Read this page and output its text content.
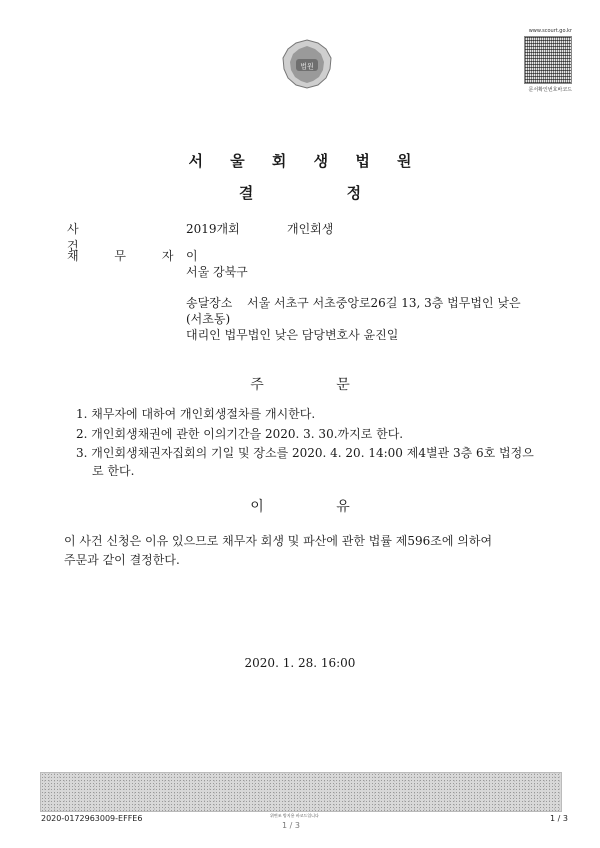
법원
www.scourt.go.kr
문서확인번호바코드
서 울 회 생 법 원
결 정
사 건
2019개회	개인회생
채 무 자
이
서울 강북구
송달장소 서울 서초구 서초중앙로26길 13, 3층 법무법인 낮은
(서초동)
대리인 법무법인 낮은 담당변호사 윤진일
주 문
1. 채무자에 대하여 개인회생절차를 개시한다.
2. 개인회생채권에 관한 이의기간을 2020. 3. 30.까지로 한다.
3. 개인회생채권자집회의 기일 및 장소를 2020. 4. 20. 14:00 제4별관 3층 6호 법정으
로 한다.
이 유
이 사건 신청은 이유 있으므로 채무자 회생 및 파산에 관한 법률 제596조에 의하여
주문과 같이 결정한다.
2020. 1. 28. 16:00
2020-0172963009-EFFE6	위변조 방지용 바코드입니다
1 / 3
1 / 3
